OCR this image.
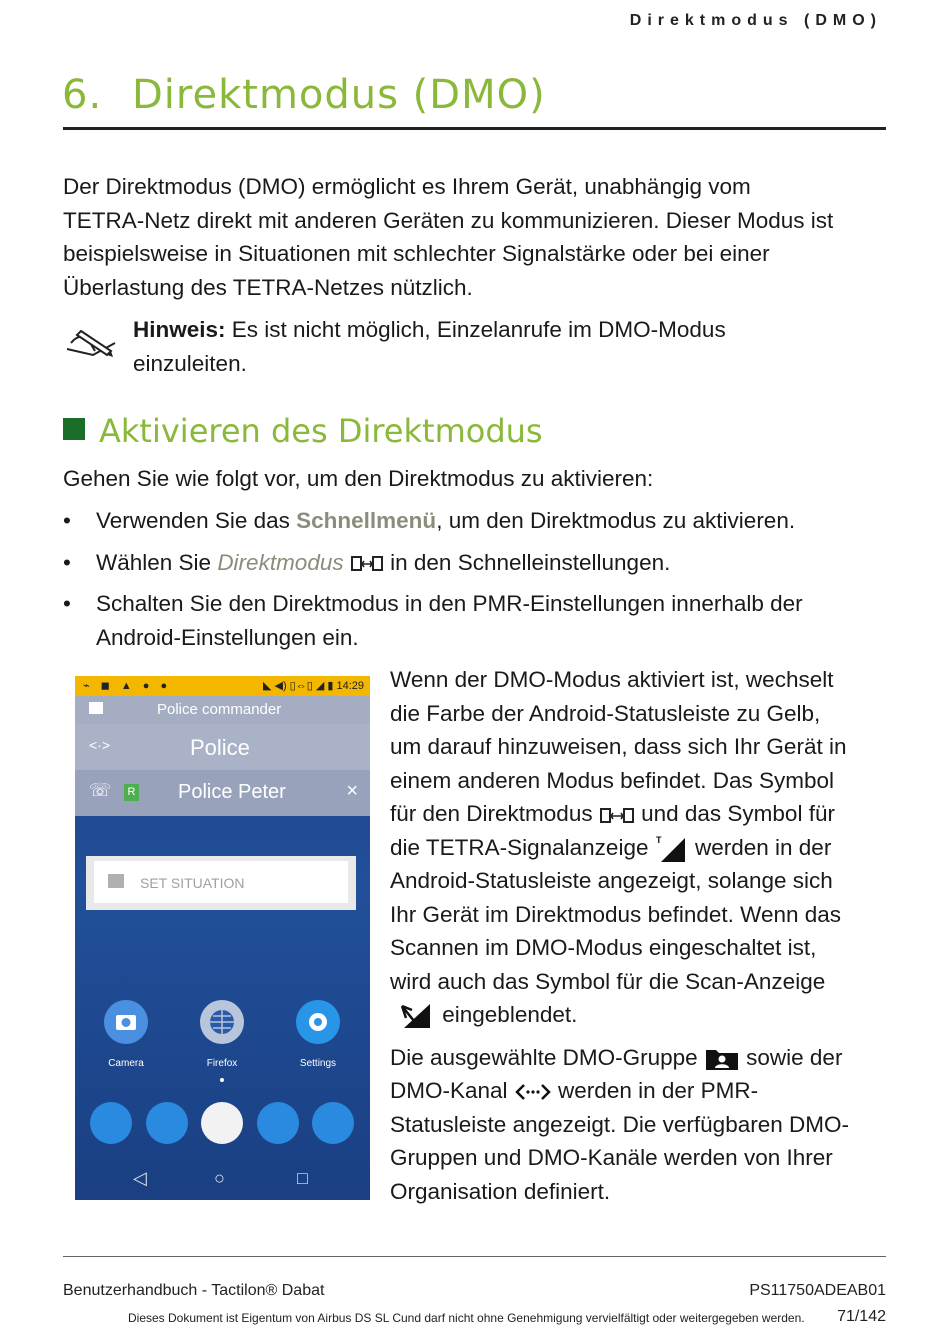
Direktmodus (DMO)
6. Direktmodus (DMO)
Der Direktmodus (DMO) ermöglicht es Ihrem Gerät, unabhängig vom
TETRA-Netz direkt mit anderen Geräten zu kommunizieren. Dieser Modus ist
beispielsweise in Situationen mit schlechter Signalstärke oder bei einer
Überlastung des TETRA-Netzes nützlich.
Hinweis: Es ist nicht möglich, Einzelanrufe im DMO-Modus
einzuleiten.
Aktivieren des Direktmodus

Gehen Sie wie folgt vor, um den Direktmodus zu aktivieren:

• Verwenden Sie das Schnellmenü, um den Direktmodus zu aktivieren.
• Wählen Sie Direktmodus  in den Schnelleinstellungen.
• Schalten Sie den Direktmodus in den PMR-Einstellungen innerhalb der
Android-Einstellungen ein.
⌁ ◼ ▲ ● ●	◣ ◀) ▯⇔▯ ◢ ▮ 14:29
Police commander
<·>	Police
☏	R Police Peter	×
SET SITUATION
Camera	Firefox	Settings
◁	○	□

Wenn der DMO-Modus aktiviert ist, wechselt
die Farbe der Android-Statusleiste zu Gelb,
um darauf hinzuweisen, dass sich Ihr Gerät in
einem anderen Modus befindet. Das Symbol
für den Direktmodus  und das Symbol für
die TETRA-Signalanzeige T werden in der
Android-Statusleiste angezeigt, solange sich
Ihr Gerät im Direktmodus befindet. Wenn das
Scannen im DMO-Modus eingeschaltet ist,
wird auch das Symbol für die Scan-Anzeige
eingeblendet.

Die ausgewählte DMO-Gruppe  sowie der
DMO-Kanal  werden in der PMR-
Statusleiste angezeigt. Die verfügbaren DMO-
Gruppen und DMO-Kanäle werden von Ihrer
Organisation definiert.

Benutzerhandbuch - Tactilon® Dabat	PS11750ADEAB01
Dieses Dokument ist Eigentum von Airbus DS SL Cund darf nicht ohne Genehmigung vervielfältigt oder weitergegeben werden. 71/142
